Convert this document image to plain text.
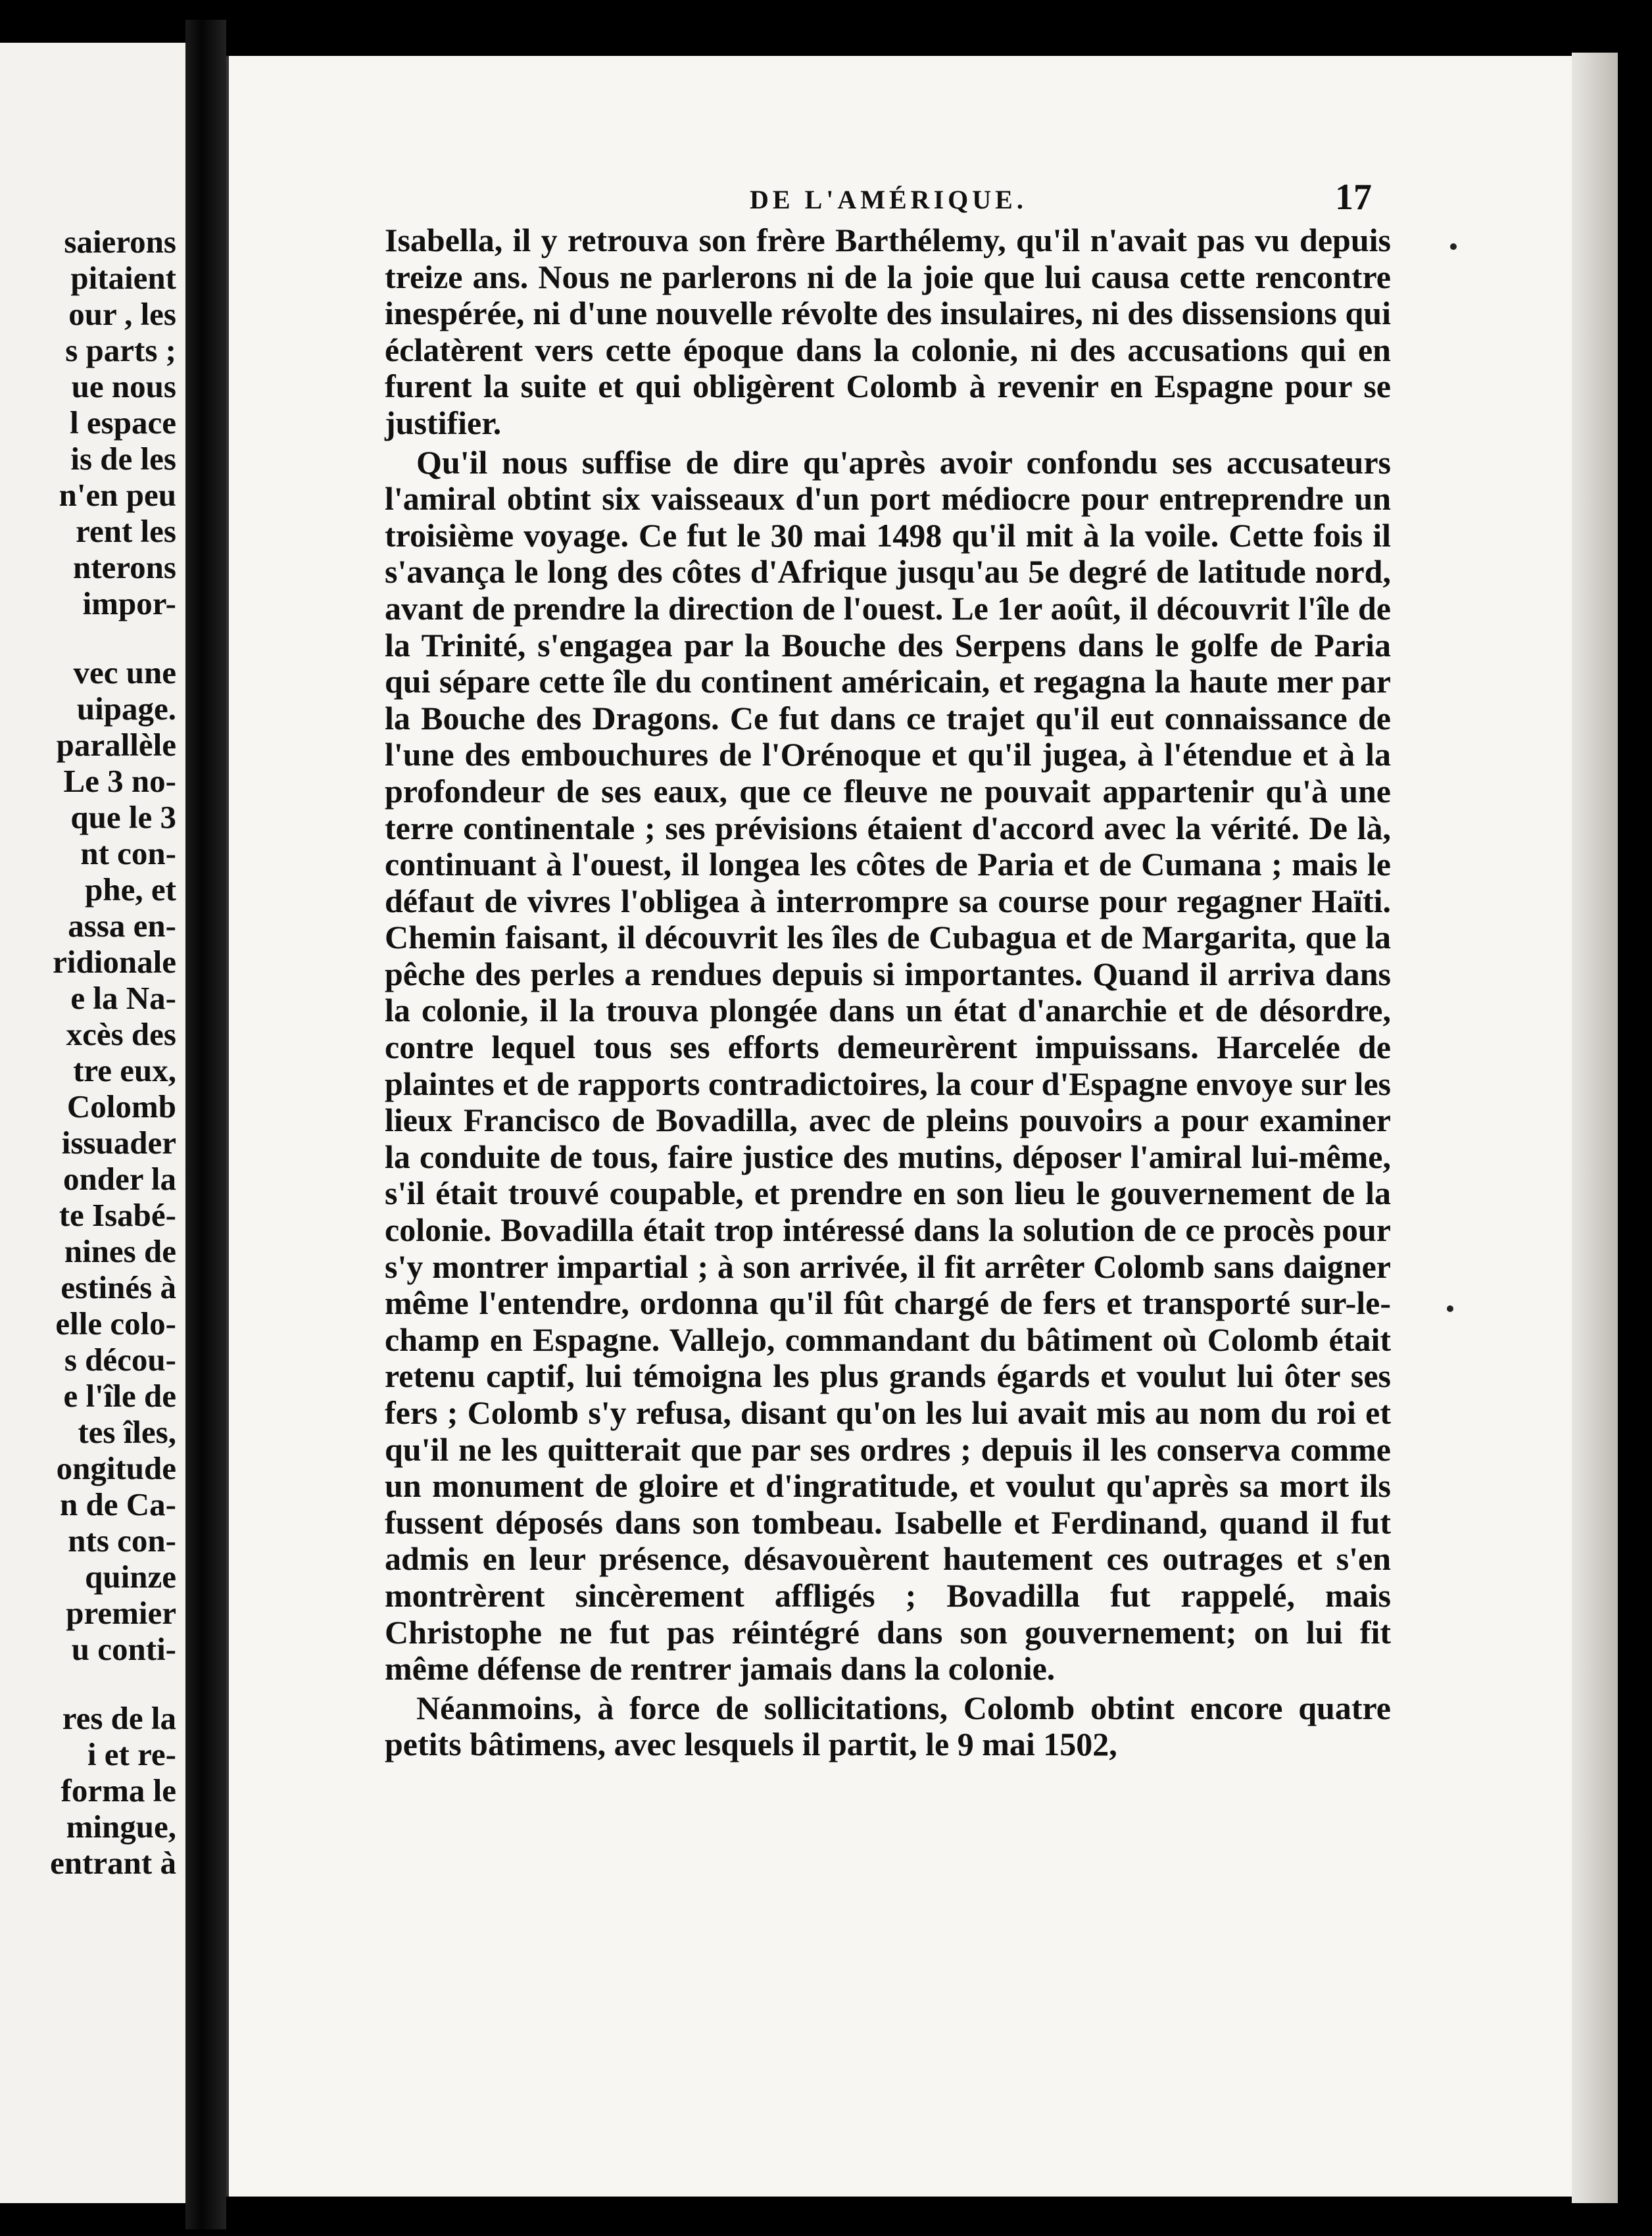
saierons
pitaient
our , les
s parts ;
ue nous
l espace
is de les
n'en peu
rent les
nterons
impor-
vec une
uipage.
parallèle
Le 3 no-
que le 3
nt con-
phe, et
assa en-
ridionale
e la Na-
xcès des
tre eux,
Colomb
issuader
onder la
te Isabé-
nines de
estinés à
elle colo-
s décou-
e l'île de
tes îles,
ongitude
n de Ca-
nts con-
quinze
premier
u conti-
res de la
i et re-
forma le
mingue,
entrant à
DE L'AMÉRIQUE.	17

Isabella, il y retrouva son frère Barthélemy, qu'il n'avait pas vu depuis treize ans. Nous ne parlerons ni de la joie que lui causa cette rencontre inespérée, ni d'une nouvelle révolte des insulaires, ni des dissensions qui éclatèrent vers cette époque dans la colonie, ni des accusations qui en furent la suite et qui obligèrent Colomb à revenir en Espagne pour se justifier.

Qu'il nous suffise de dire qu'après avoir confondu ses accusateurs l'amiral obtint six vaisseaux d'un port médiocre pour entreprendre un troisième voyage. Ce fut le 30 mai 1498 qu'il mit à la voile. Cette fois il s'avança le long des côtes d'Afrique jusqu'au 5e degré de latitude nord, avant de prendre la direction de l'ouest. Le 1er août, il découvrit l'île de la Trinité, s'engagea par la Bouche des Serpens dans le golfe de Paria qui sépare cette île du continent américain, et regagna la haute mer par la Bouche des Dragons. Ce fut dans ce trajet qu'il eut connaissance de l'une des embouchures de l'Orénoque et qu'il jugea, à l'étendue et à la profondeur de ses eaux, que ce fleuve ne pouvait appartenir qu'à une terre continentale ; ses prévisions étaient d'accord avec la vérité. De là, continuant à l'ouest, il longea les côtes de Paria et de Cumana ; mais le défaut de vivres l'obligea à interrompre sa course pour regagner Haïti. Chemin faisant, il découvrit les îles de Cubagua et de Margarita, que la pêche des perles a rendues depuis si importantes. Quand il arriva dans la colonie, il la trouva plongée dans un état d'anarchie et de désordre, contre lequel tous ses efforts demeurèrent impuissans. Harcelée de plaintes et de rapports contradictoires, la cour d'Espagne envoye sur les lieux Francisco de Bovadilla, avec de pleins pouvoirs a pour examiner la conduite de tous, faire justice des mutins, déposer l'amiral lui-même, s'il était trouvé coupable, et prendre en son lieu le gouvernement de la colonie. Bovadilla était trop intéressé dans la solution de ce procès pour s'y montrer impartial ; à son arrivée, il fit arrêter Colomb sans daigner même l'entendre, ordonna qu'il fût chargé de fers et transporté sur-le-champ en Espagne. Vallejo, commandant du bâtiment où Colomb était retenu captif, lui témoigna les plus grands égards et voulut lui ôter ses fers ; Colomb s'y refusa, disant qu'on les lui avait mis au nom du roi et qu'il ne les quitterait que par ses ordres ; depuis il les conserva comme un monument de gloire et d'ingratitude, et voulut qu'après sa mort ils fussent déposés dans son tombeau. Isabelle et Ferdinand, quand il fut admis en leur présence, désavouèrent hautement ces outrages et s'en montrèrent sincèrement affligés ; Bovadilla fut rappelé, mais Christophe ne fut pas réintégré dans son gouvernement; on lui fit même défense de rentrer jamais dans la colonie.

Néanmoins, à force de sollicitations, Colomb obtint encore quatre petits bâtimens, avec lesquels il partit, le 9 mai 1502,
